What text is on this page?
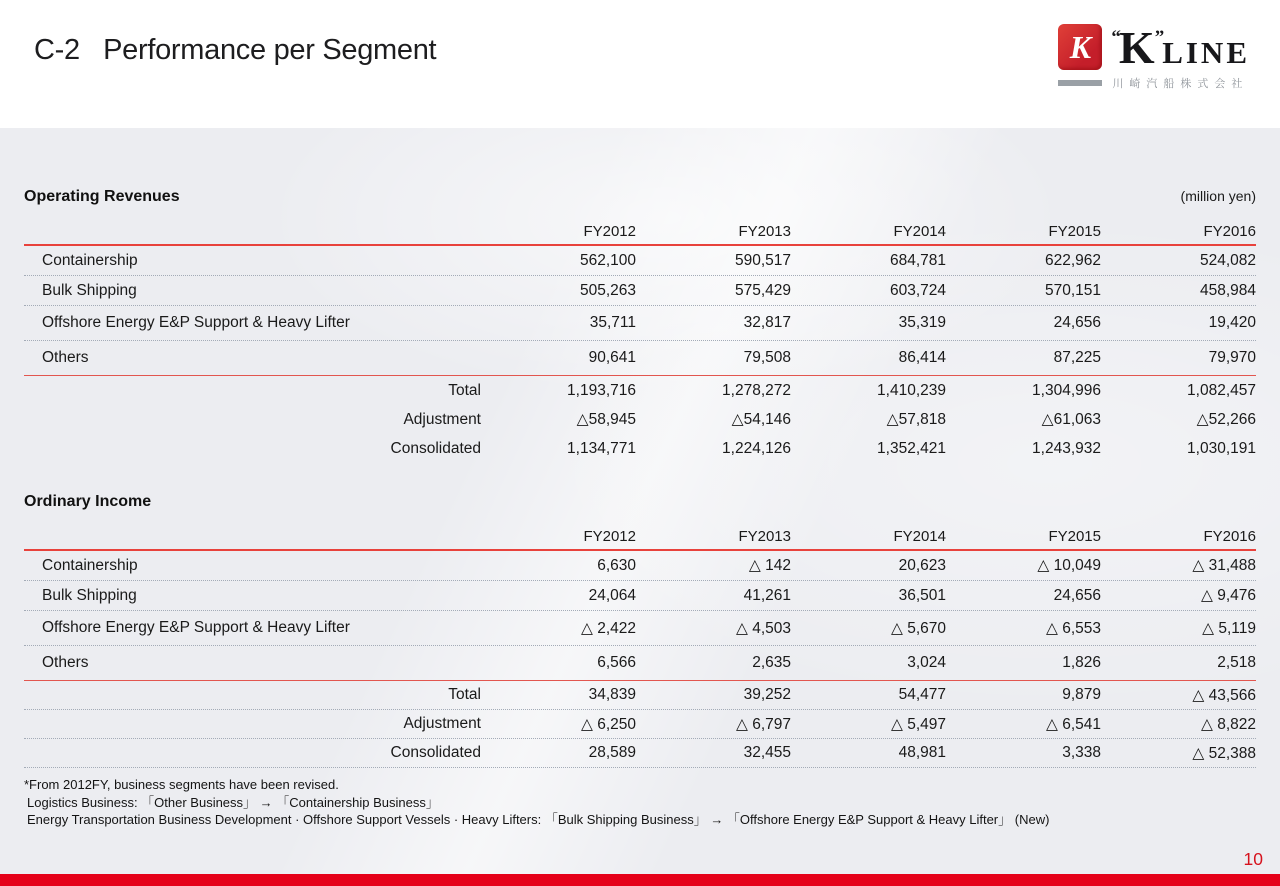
C-2   Performance per Segment	K “K”LINE
川崎汽船株式会社
Operating Revenues	(million yen)
FY2012	FY2013	FY2014	FY2015	FY2016
Containership	562,100	590,517	684,781	622,962	524,082
Bulk Shipping	505,263	575,429	603,724	570,151	458,984
Offshore Energy E&P Support & Heavy Lifter	35,711	32,817	35,319	24,656	19,420
Others	90,641	79,508	86,414	87,225	79,970
Total	1,193,716	1,278,272	1,410,239	1,304,996	1,082,457
Adjustment	△58,945	△54,146	△57,818	△61,063	△52,266
Consolidated	1,134,771	1,224,126	1,352,421	1,243,932	1,030,191
Ordinary Income
FY2012	FY2013	FY2014	FY2015	FY2016
Containership	6,630	△ 142	20,623	△ 10,049	△ 31,488
Bulk Shipping	24,064	41,261	36,501	24,656	△ 9,476
Offshore Energy E&P Support & Heavy Lifter	△ 2,422	△ 4,503	△ 5,670	△ 6,553	△ 5,119
Others	6,566	2,635	3,024	1,826	2,518
Total	34,839	39,252	54,477	9,879	△ 43,566
Adjustment	△ 6,250	△ 6,797	△ 5,497	△ 6,541	△ 8,822
Consolidated	28,589	32,455	48,981	3,338	△ 52,388

*From 2012FY, business segments have been revised.

Logistics Business: 「Other Business」 → 「Containership Business」

Energy Transportation Business Development · Offshore Support Vessels · Heavy Lifters: 「Bulk Shipping Business」 → 「Offshore Energy E&P Support & Heavy Lifter」 (New)

10
